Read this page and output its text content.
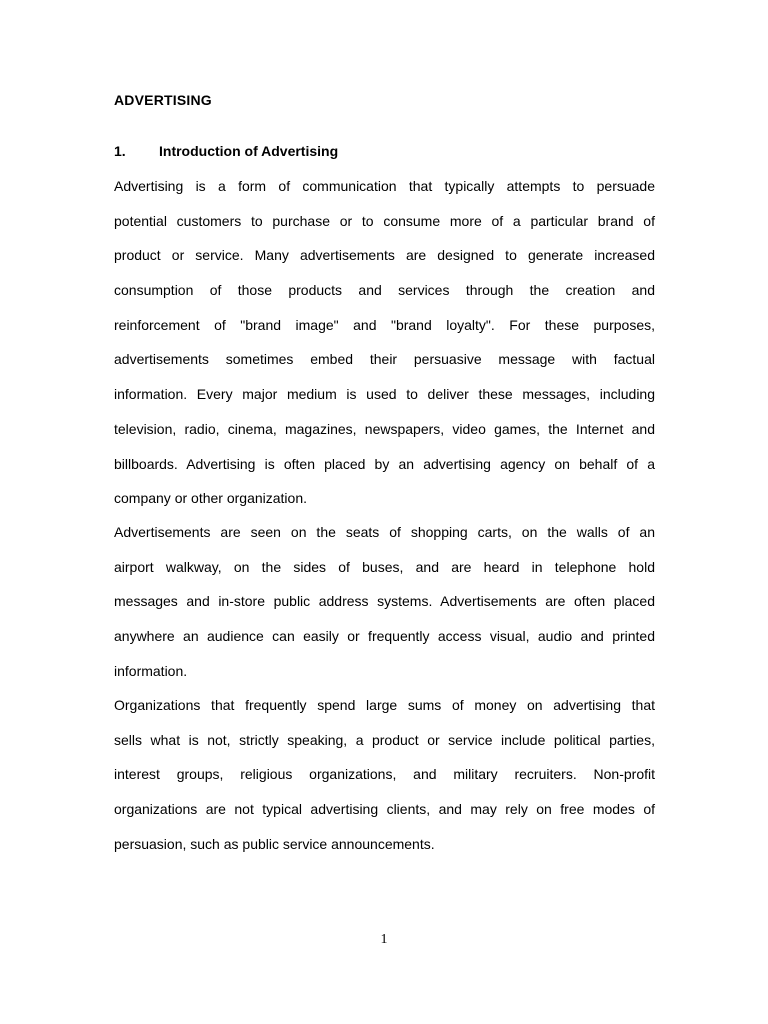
ADVERTISING
1. Introduction of Advertising
Advertising is a form of communication that typically attempts to persuade
potential customers to purchase or to consume more of a particular brand of
product or service. Many advertisements are designed to generate increased
consumption of those products and services through the creation and
reinforcement of "brand image" and "brand loyalty". For these purposes,
advertisements sometimes embed their persuasive message with factual
information. Every major medium is used to deliver these messages, including
television, radio, cinema, magazines, newspapers, video games, the Internet and
billboards. Advertising is often placed by an advertising agency on behalf of a
company or other organization.
Advertisements are seen on the seats of shopping carts, on the walls of an
airport walkway, on the sides of buses, and are heard in telephone hold
messages and in-store public address systems. Advertisements are often placed
anywhere an audience can easily or frequently access visual, audio and printed
information.
Organizations that frequently spend large sums of money on advertising that
sells what is not, strictly speaking, a product or service include political parties,
interest groups, religious organizations, and military recruiters. Non-profit
organizations are not typical advertising clients, and may rely on free modes of
persuasion, such as public service announcements.
1
